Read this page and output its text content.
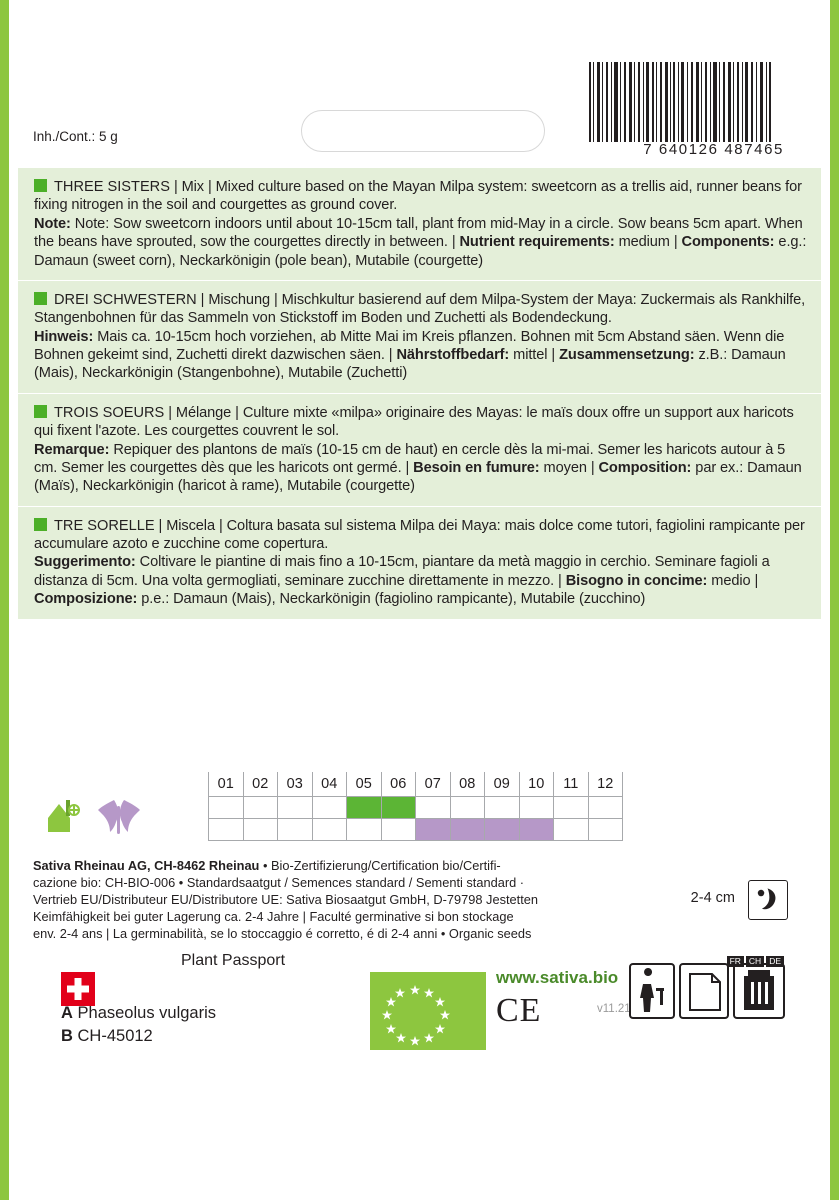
Inh./Cont.: 5 g

7 640126 487465

THREE SISTERS | Mix | Mixed culture based on the Mayan Milpa system: sweetcorn as a trellis aid, runner beans for fixing nitrogen in the soil and courgettes as ground cover.

Note: Note: Sow sweetcorn indoors until about 10-15cm tall, plant from mid-May in a circle. Sow beans 5cm apart. When the beans have sprouted, sow the courgettes directly in between. | Nutrient requirements: medium | Components: e.g.: Damaun (sweet corn), Neckarkönigin (pole bean), Mutabile (courgette)

DREI SCHWESTERN | Mischung | Mischkultur basierend auf dem Milpa-System der Maya: Zuckermais als Rankhilfe, Stangenbohnen für das Sammeln von Stickstoff im Boden und Zuchetti als Bodendeckung.

Hinweis: Mais ca. 10-15cm hoch vorziehen, ab Mitte Mai im Kreis pflanzen. Bohnen mit 5cm Abstand säen. Wenn die Bohnen gekeimt sind, Zuchetti direkt dazwischen säen. | Nährstoffbedarf: mittel | Zusammensetzung: z.B.: Damaun (Mais), Neckarkönigin (Stangenbohne), Mutabile (Zuchetti)

TROIS SOEURS | Mélange | Culture mixte «milpa» originaire des Mayas: le maïs doux offre un support aux haricots qui fixent l'azote. Les courgettes couvrent le sol.

Remarque: Repiquer des plantons de maïs (10-15 cm de haut) en cercle dès la mi-mai. Semer les haricots autour à 5 cm. Semer les courgettes dès que les haricots ont germé. | Besoin en fumure: moyen | Composition: par ex.: Damaun (Maïs), Neckarkönigin (haricot à rame), Mutabile (courgette)

TRE SORELLE | Miscela | Coltura basata sul sistema Milpa dei Maya: mais dolce come tutori, fagiolini rampicante per accumulare azoto e zucchine come copertura.

Suggerimento: Coltivare le piantine di mais fino a 10-15cm, piantare da metà maggio in cerchio. Seminare fagioli a distanza di 5cm. Una volta germogliati, seminare zucchine direttamente in mezzo. | Bisogno in concime: medio | Composizione: p.e.: Damaun (Mais), Neckarkönigin (fagiolino rampicante), Mutabile (zucchino)

01	02	03	04	05	06	07	08	09	10	11	12

Sativa Rheinau AG, CH-8462 Rheinau • Bio-Zertifizierung/Certification bio/Certifi-
cazione bio: CH-BIO-006 • Standardsaatgut / Semences standard / Sementi standard ·
Vertrieb EU/Distributeur EU/Distributore UE: Sativa Biosaatgut GmbH, D-79798 Jestetten
Keimfähigkeit bei guter Lagerung ca. 2-4 Jahre | Faculté germinative si bon stockage
env. 2-4 ans | La germinabilità, se lo stoccaggio é corretto, é di 2-4 anni • Organic seeds
2-4 cm
Plant Passport
A Phaseolus vulgaris
B CH-45012
CE
www.sativa.bio
v11.21
FR CH DE
